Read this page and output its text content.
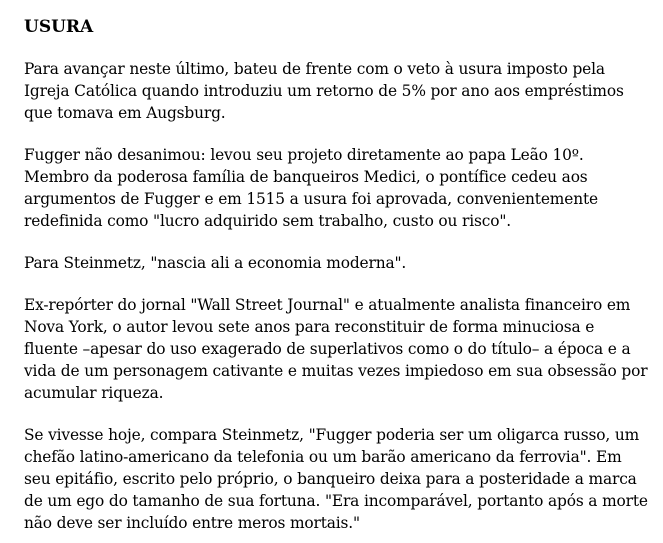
USURA

Para avançar neste último, bateu de frente com o veto à usura imposto pela Igreja Católica quando introduziu um retorno de 5% por ano aos empréstimos que tomava em Augsburg.

Fugger não desanimou: levou seu projeto diretamente ao papa Leão 10º. Membro da poderosa família de banqueiros Medici, o pontífice cedeu aos argumentos de Fugger e em 1515 a usura foi aprovada, convenientemente redefinida como "lucro adquirido sem trabalho, custo ou risco".

Para Steinmetz, "nascia ali a economia moderna".

Ex-repórter do jornal "Wall Street Journal" e atualmente analista financeiro em Nova York, o autor levou sete anos para reconstituir de forma minuciosa e fluente –apesar do uso exagerado de superlativos como o do título– a época e a vida de um personagem cativante e muitas vezes impiedoso em sua obsessão por acumular riqueza.

Se vivesse hoje, compara Steinmetz, "Fugger poderia ser um oligarca russo, um chefão latino-americano da telefonia ou um barão americano da ferrovia". Em seu epitáfio, escrito pelo próprio, o banqueiro deixa para a posteridade a marca de um ego do tamanho de sua fortuna. "Era incomparável, portanto após a morte não deve ser incluído entre meros mortais."
